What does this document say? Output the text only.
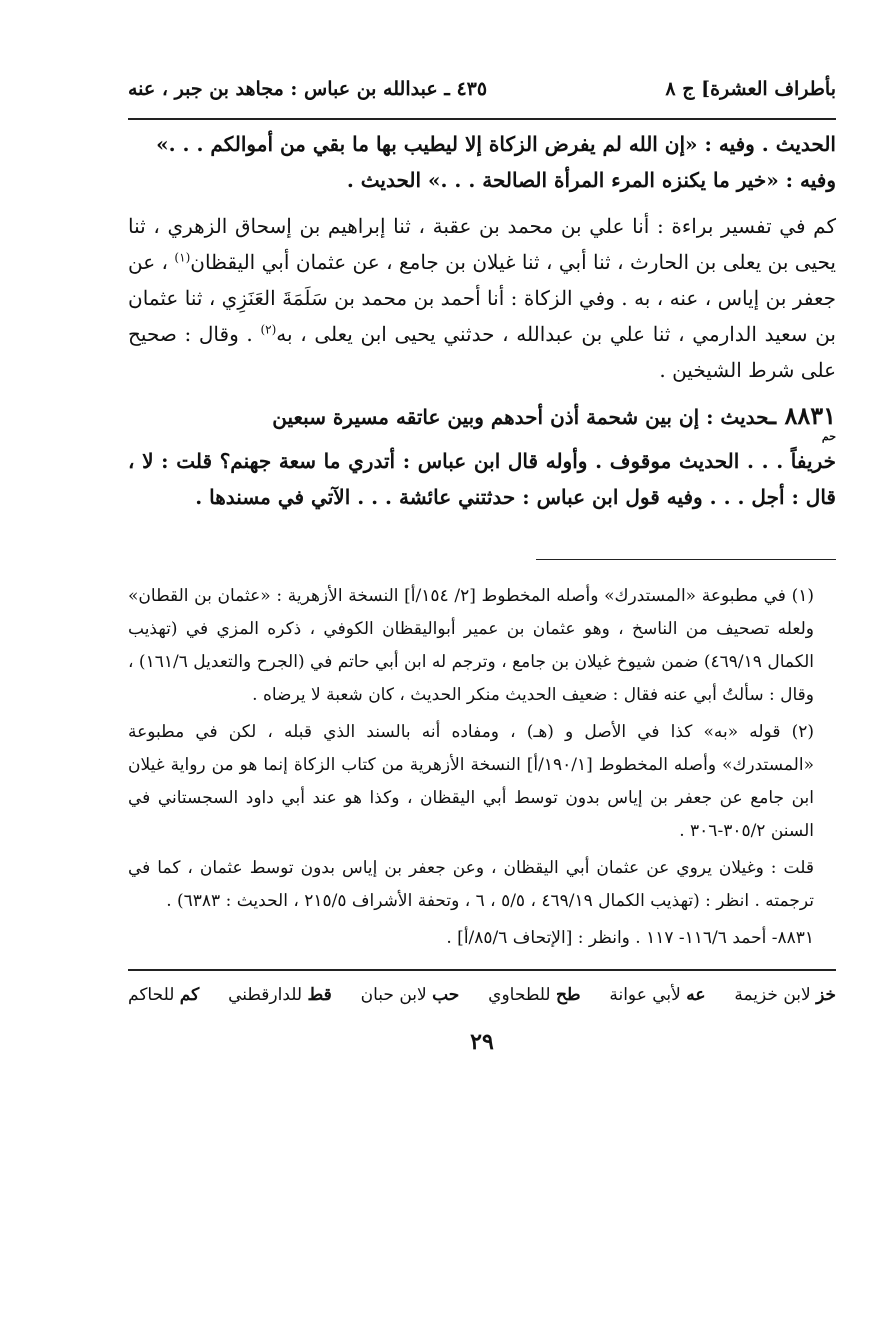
بأطراف العشرة] ج ٨
٤٣٥ ـ عبدالله بن عباس : مجاهد بن جبر ، عنه

الحديث . وفيه : «إن الله لم يفرض الزكاة إلا ليطيب بها ما بقي من أموالكم . . .»

وفيه : «خير ما يكنزه المرء المرأة الصالحة . . .» الحديث .

كم في تفسير براءة : أنا علي بن محمد بن عقبة ، ثنا إبراهيم بن إسحاق الزهري ، ثنا يحيى بن يعلى بن الحارث ، ثنا أبي ، ثنا غيلان بن جامع ، عن عثمان أبي اليقظان$^{(١)}$ ، عن جعفر بن إياس ، عنه ، به . وفي الزكاة : أنا أحمد بن محمد بن سَلَمَةَ العَنَزِي ، ثنا عثمان بن سعيد الدارمي ، ثنا علي بن عبدالله ، حدثني يحيى ابن يعلى ، به$^{(٢)}$ . وقال : صحيح على شرط الشيخين .

٨٨٣١ ـحديث : إن بين شحمة أذن أحدهم وبين عاتقه مسيرة سبعين
حم
خريفاً . . . الحديث موقوف . وأوله قال ابن عباس : أتدري ما سعة جهنم؟ قلت : لا ، قال : أجل . . . وفيه قول ابن عباس : حدثتني عائشة . . . الآتي في مسندها .

(١) في مطبوعة «المستدرك» وأصله المخطوط [٢/ ١٥٤/أ] النسخة الأزهرية : «عثمان بن القطان» ولعله تصحيف من الناسخ ، وهو عثمان بن عمير أبواليقظان الكوفي ، ذكره المزي في (تهذيب الكمال ٤٦٩/١٩) ضمن شيوخ غيلان بن جامع ، وترجم له ابن أبي حاتم في (الجرح والتعديل ١٦١/٦) ، وقال : سألتُ أبي عنه فقال : ضعيف الحديث منكر الحديث ، كان شعبة لا يرضاه .

(٢) قوله «به» كذا في الأصل و (هـ) ، ومفاده أنه بالسند الذي قبله ، لكن في مطبوعة «المستدرك» وأصله المخطوط [١٩٠/١/أ] النسخة الأزهرية من كتاب الزكاة إنما هو من رواية غيلان ابن جامع عن جعفر بن إياس بدون توسط أبي اليقظان ، وكذا هو عند أبي داود السجستاني في السنن ٣٠٥/٢-٣٠٦ .

قلت : وغيلان يروي عن عثمان أبي اليقظان ، وعن جعفر بن إياس بدون توسط عثمان ، كما في ترجمته . انظر : (تهذيب الكمال ٤٦٩/١٩ ، ٥/٥ ، ٦ ، وتحفة الأشراف ٢١٥/٥ ، الحديث : ٦٣٨٣) .

٨٨٣١- أحمد ١١٦/٦- ١١٧ . وانظر : [الإتحاف ٨٥/٦/أ] .

خز لابن خزيمة
عه لأبي عوانة
طح للطحاوي
حب لابن حبان
قط للدارقطني
كم للحاكم
٢٩
